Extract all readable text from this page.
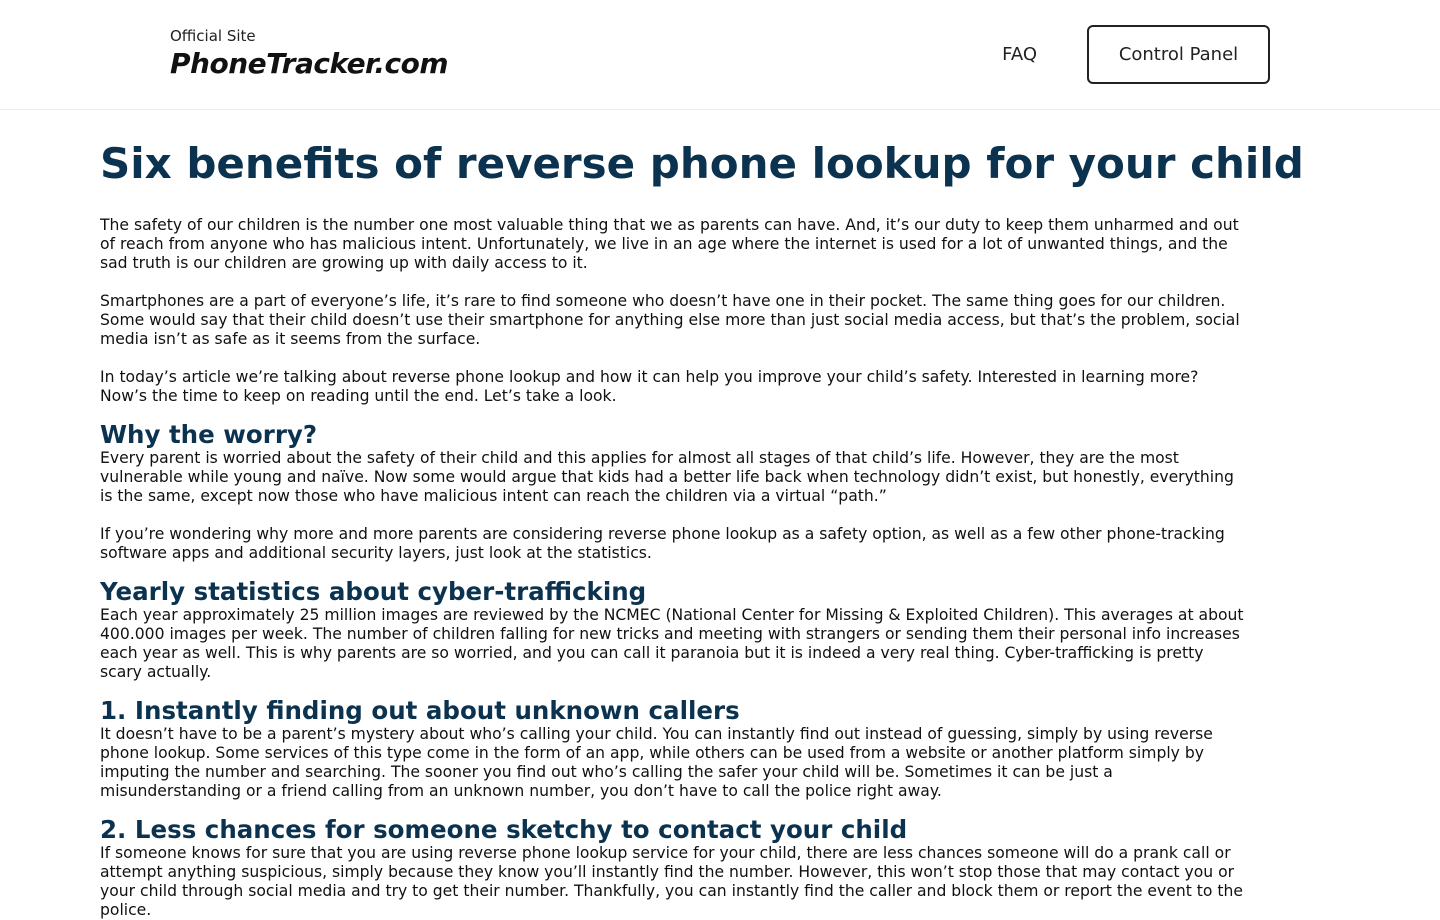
Official Site
PhoneTracker.com	FAQ	Control Panel
Six benefits of reverse phone lookup for your child

The safety of our children is the number one most valuable thing that we as parents can have. And, it’s our duty to keep them unharmed and out of reach from anyone who has malicious intent. Unfortunately, we live in an age where the internet is used for a lot of unwanted things, and the sad truth is our children are growing up with daily access to it.

Smartphones are a part of everyone’s life, it’s rare to find someone who doesn’t have one in their pocket. The same thing goes for our children. Some would say that their child doesn’t use their smartphone for anything else more than just social media access, but that’s the problem, social media isn’t as safe as it seems from the surface.

In today’s article we’re talking about reverse phone lookup and how it can help you improve your child’s safety. Interested in learning more? Now’s the time to keep on reading until the end. Let’s take a look.

Why the worry?

Every parent is worried about the safety of their child and this applies for almost all stages of that child’s life. However, they are the most vulnerable while young and naïve. Now some would argue that kids had a better life back when technology didn’t exist, but honestly, everything is the same, except now those who have malicious intent can reach the children via a virtual “path.”

If you’re wondering why more and more parents are considering reverse phone lookup as a safety option, as well as a few other phone-tracking software apps and additional security layers, just look at the statistics.

Yearly statistics about cyber-trafficking

Each year approximately 25 million images are reviewed by the NCMEC (National Center for Missing & Exploited Children). This averages at about 400.000 images per week. The number of children falling for new tricks and meeting with strangers or sending them their personal info increases each year as well. This is why parents are so worried, and you can call it paranoia but it is indeed a very real thing. Cyber-trafficking is pretty scary actually.

1. Instantly finding out about unknown callers

It doesn’t have to be a parent’s mystery about who’s calling your child. You can instantly find out instead of guessing, simply by using reverse phone lookup. Some services of this type come in the form of an app, while others can be used from a website or another platform simply by imputing the number and searching. The sooner you find out who’s calling the safer your child will be. Sometimes it can be just a misunderstanding or a friend calling from an unknown number, you don’t have to call the police right away.

2. Less chances for someone sketchy to contact your child

If someone knows for sure that you are using reverse phone lookup service for your child, there are less chances someone will do a prank call or attempt anything suspicious, simply because they know you’ll instantly find the number. However, this won’t stop those that may contact you or your child through social media and try to get their number. Thankfully, you can instantly find the caller and block them or report the event to the police.
